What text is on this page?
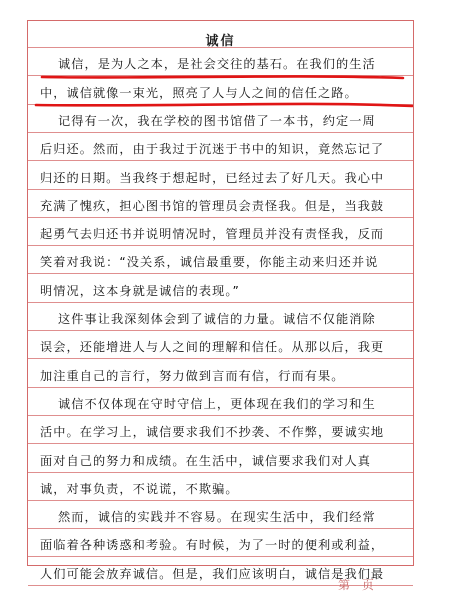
诚信
诚信，是为人之本，是社会交往的基石。在我们的生活
中，诚信就像一束光，照亮了人与人之间的信任之路。
记得有一次，我在学校的图书馆借了一本书，约定一周
后归还。然而，由于我过于沉迷于书中的知识，竟然忘记了
归还的日期。当我终于想起时，已经过去了好几天。我心中
充满了愧疚，担心图书馆的管理员会责怪我。但是，当我鼓
起勇气去归还书并说明情况时，管理员并没有责怪我，反而
笑着对我说：“没关系，诚信最重要，你能主动来归还并说
明情况，这本身就是诚信的表现。”
这件事让我深刻体会到了诚信的力量。诚信不仅能消除
误会，还能增进人与人之间的理解和信任。从那以后，我更
加注重自己的言行，努力做到言而有信，行而有果。
诚信不仅体现在守时守信上，更体现在我们的学习和生
活中。在学习上，诚信要求我们不抄袭、不作弊，要诚实地
面对自己的努力和成绩。在生活中，诚信要求我们对人真
诚，对事负责，不说谎，不欺骗。
然而，诚信的实践并不容易。在现实生活中，我们经常
面临着各种诱惑和考验。有时候，为了一时的便利或利益，
人们可能会放弃诚信。但是，我们应该明白，诚信是我们最
第 页
